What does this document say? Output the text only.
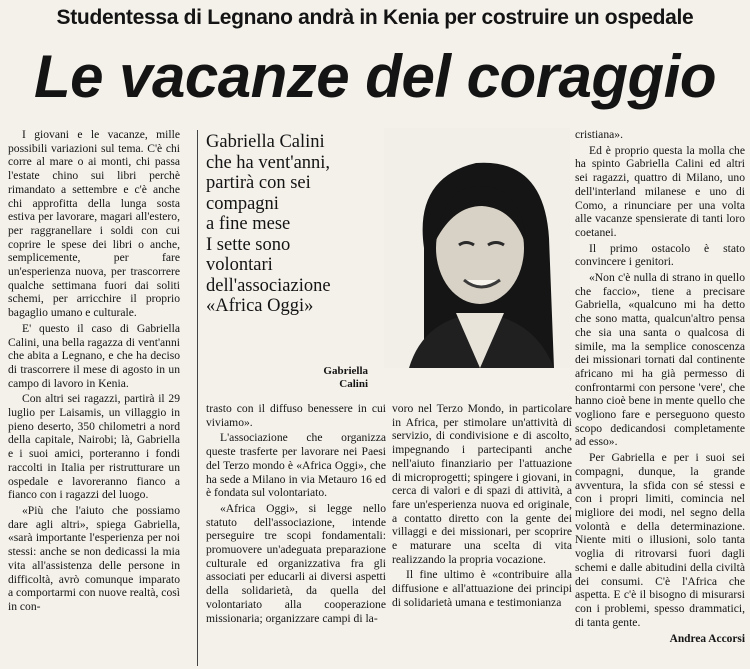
Studentessa di Legnano andrà in Kenia per costruire un ospedale
Le vacanze del coraggio

I giovani e le vacanze, mille possibili variazioni sul tema. C'è chi corre al mare o ai monti, chi passa l'estate chino sui libri perchè rimandato a settembre e c'è anche chi approfitta della lunga sosta estiva per lavorare, magari all'estero, per raggranellare i soldi con cui coprire le spese dei libri o anche, semplicemente, per fare un'esperienza nuova, per trascorrere qualche settimana fuori dai soliti schemi, per arricchire il proprio bagaglio umano e culturale.

E' questo il caso di Gabriella Calini, una bella ragazza di vent'anni che abita a Legnano, e che ha deciso di trascorrere il mese di agosto in un campo di lavoro in Kenia.

Con altri sei ragazzi, partirà il 29 luglio per Laisamis, un villaggio in pieno deserto, 350 chilometri a nord della capitale, Nairobi; là, Gabriella e i suoi amici, porteranno i fondi raccolti in Italia per ristrutturare un ospedale e lavoreranno fianco a fianco con i ragazzi del luogo.

«Più che l'aiuto che possiamo dare agli altri», spiega Gabriella, «sarà importante l'esperienza per noi stessi: anche se non dedicassi la mia vita all'assistenza delle persone in difficoltà, avrò comunque imparato a comportarmi con nuove realtà, così in con-

Gabriella Calini
che ha vent'anni,
partirà con sei
compagni
a fine mese
I sette sono
volontari
dell'associazione
«Africa Oggi»
Gabriella
Calini

trasto con il diffuso benessere in cui viviamo».

L'associazione che organizza queste trasferte per lavorare nei Paesi del Terzo mondo è «Africa Oggi», che ha sede a Milano in via Metauro 16 ed è fondata sul volontariato.

«Africa Oggi», si legge nello statuto dell'associazione, intende perseguire tre scopi fondamentali: promuovere un'adeguata preparazione culturale ed organizzativa fra gli associati per educarli ai diversi aspetti della solidarietà, da quella del volontariato alla cooperazione missionaria; organizzare campi di la-

voro nel Terzo Mondo, in particolare in Africa, per stimolare un'attività di servizio, di condivisione e di ascolto, impegnando i partecipanti anche nell'aiuto finanziario per l'attuazione di microprogetti; spingere i giovani, in cerca di valori e di spazi di attività, a fare un'esperienza nuova ed originale, a contatto diretto con la gente dei villaggi e dei missionari, per scoprire e maturare una scelta di vita realizzando la propria vocazione.

Il fine ultimo è «contribuire alla diffusione e all'attuazione dei principi di solidarietà umana e testimonianza

cristiana».

Ed è proprio questa la molla che ha spinto Gabriella Calini ed altri sei ragazzi, quattro di Milano, uno dell'interland milanese e uno di Como, a rinunciare per una volta alle vacanze spensierate di tanti loro coetanei.

Il primo ostacolo è stato convincere i genitori.

«Non c'è nulla di strano in quello che faccio», tiene a precisare Gabriella, «qualcuno mi ha detto che sono matta, qualcun'altro pensa che sia una santa o qualcosa di simile, ma la semplice conoscenza dei missionari tornati dal continente africano mi ha già permesso di confrontarmi con persone 'vere', che hanno cioè bene in mente quello che vogliono fare e perseguono questo scopo dedicandosi completamente ad esso».

Per Gabriella e per i suoi sei compagni, dunque, la grande avventura, la sfida con sé stessi e con i propri limiti, comincia nel migliore dei modi, nel segno della volontà e della determinazione. Niente miti o illusioni, solo tanta voglia di ritrovarsi fuori dagli schemi e dalle abitudini della civiltà dei consumi. C'è l'Africa che aspetta. E c'è il bisogno di misurarsi con i problemi, spesso drammatici, di tanta gente.

Andrea Accorsi
